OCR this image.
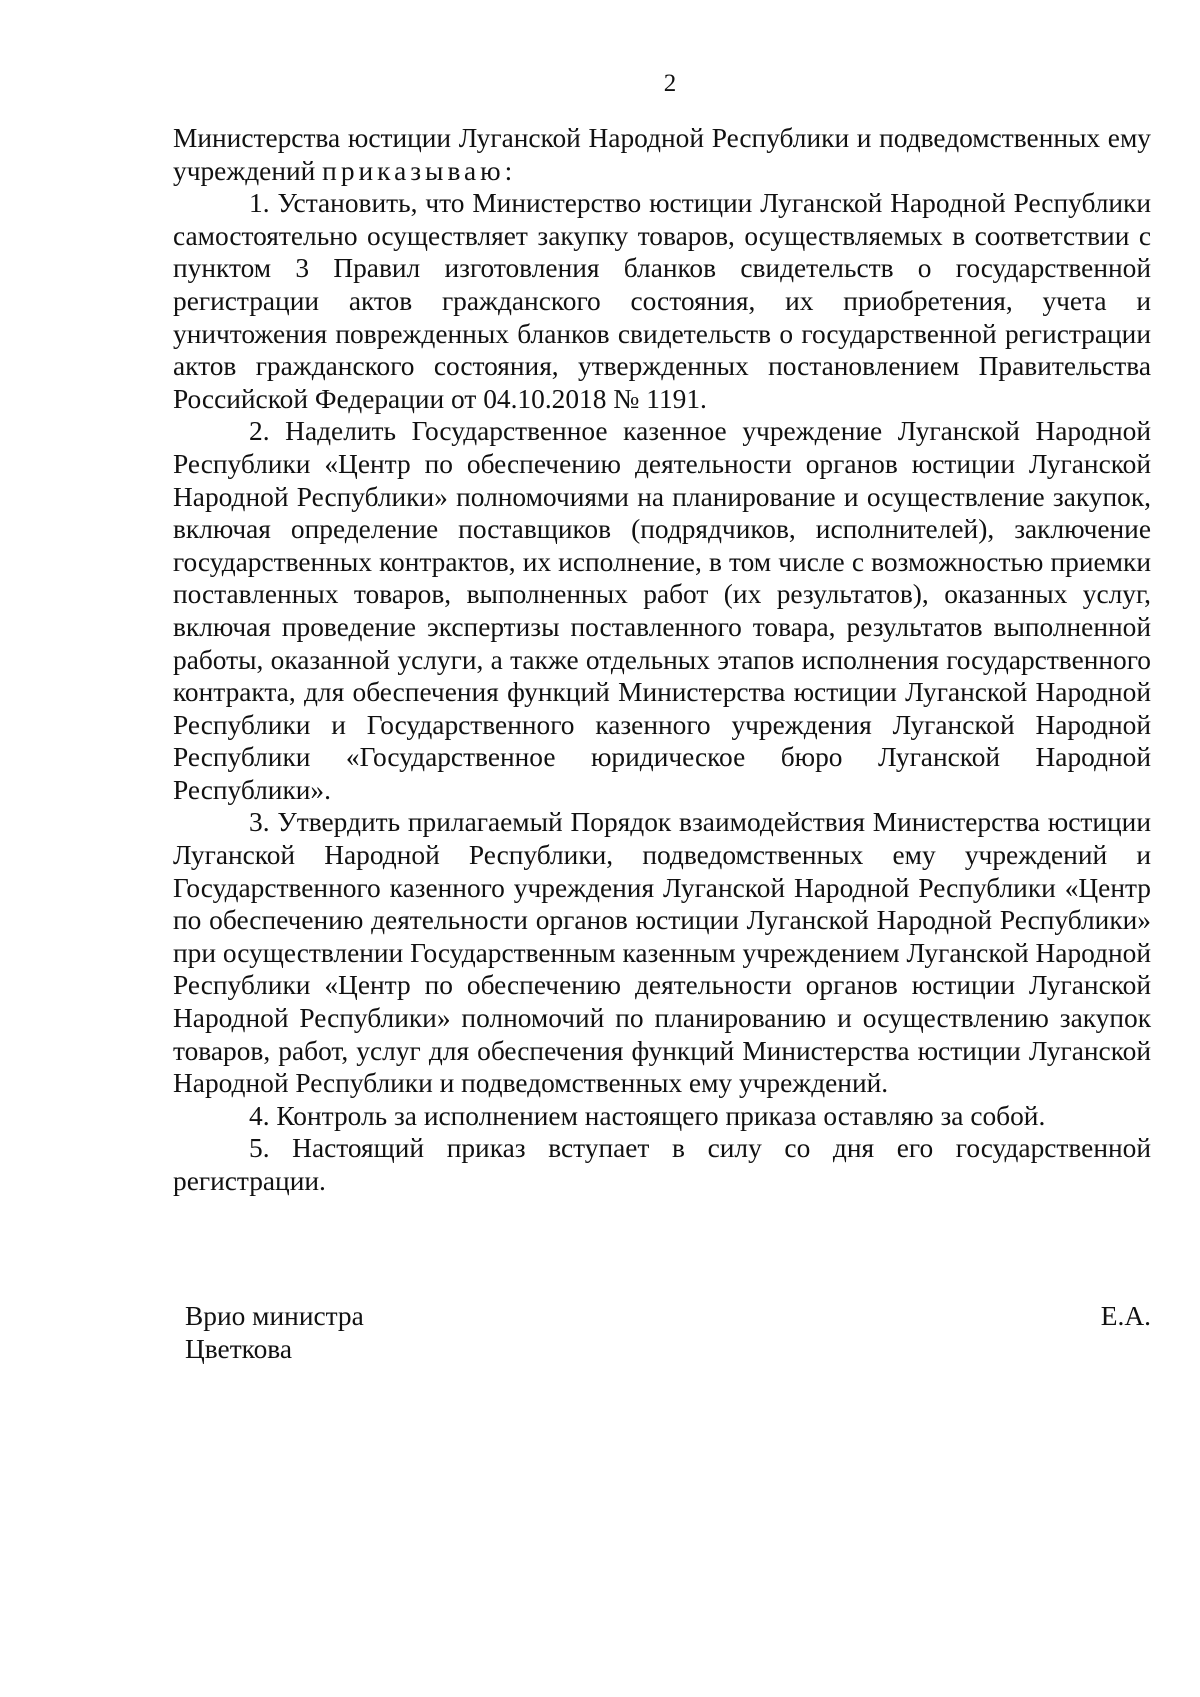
2

Министерства юстиции Луганской Народной Республики и подведомственных ему учреждений приказываю:

1. Установить, что Министерство юстиции Луганской Народной Республики самостоятельно осуществляет закупку товаров, осуществляемых в соответствии с пунктом 3 Правил изготовления бланков свидетельств о государственной регистрации актов гражданского состояния, их приобретения, учета и уничтожения поврежденных бланков свидетельств о государственной регистрации актов гражданского состояния, утвержденных постановлением Правительства Российской Федерации от 04.10.2018 № 1191.

2. Наделить Государственное казенное учреждение Луганской Народной Республики «Центр по обеспечению деятельности органов юстиции Луганской Народной Республики» полномочиями на планирование и осуществление закупок, включая определение поставщиков (подрядчиков, исполнителей), заключение государственных контрактов, их исполнение, в том числе с возможностью приемки поставленных товаров, выполненных работ (их результатов), оказанных услуг, включая проведение экспертизы поставленного товара, результатов выполненной работы, оказанной услуги, а также отдельных этапов исполнения государственного контракта, для обеспечения функций Министерства юстиции Луганской Народной Республики и Государственного казенного учреждения Луганской Народной Республики «Государственное юридическое бюро Луганской Народной Республики».

3. Утвердить прилагаемый Порядок взаимодействия Министерства юстиции Луганской Народной Республики, подведомственных ему учреждений и Государственного казенного учреждения Луганской Народной Республики «Центр по обеспечению деятельности органов юстиции Луганской Народной Республики» при осуществлении Государственным казенным учреждением Луганской Народной Республики «Центр по обеспечению деятельности органов юстиции Луганской Народной Республики» полномочий по планированию и осуществлению закупок товаров, работ, услуг для обеспечения функций Министерства юстиции Луганской Народной Республики и подведомственных ему учреждений.

4. Контроль за исполнением настоящего приказа оставляю за собой.

5. Настоящий приказ вступает в силу со дня его государственной регистрации.

Врио министра	Е.А.
Цветкова
